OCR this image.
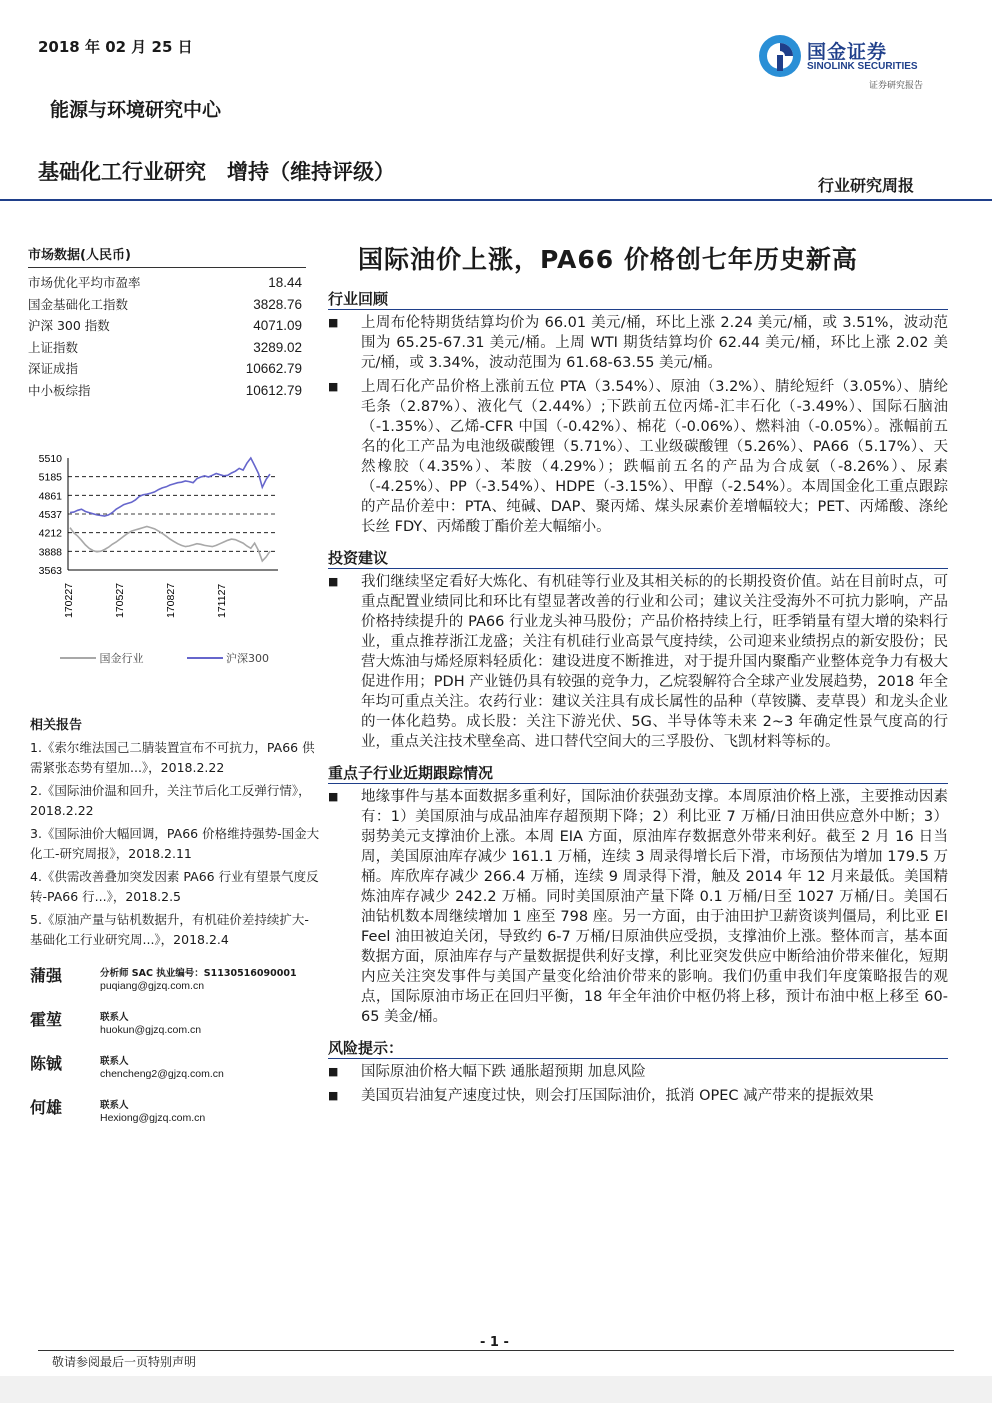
2018 年 02 月 25 日	国金证券
SINOLINK SECURITIES
证券研究报告
能源与环境研究中心
基础化工行业研究　增持（维持评级）
行业研究周报
市场数据(人民币)
市场优化平均市盈率	18.44
国金基础化工指数	3828.76
沪深 300 指数	4071.09
上证指数	3289.02
深证成指	10662.79
中小板综指	10612.79
5510
5185
4861
4537
4212
3888
3563
170227	170527	170827	171127
国金行业	沪深300
相关报告
1.《索尔维法国己二腈装置宣布不可抗力，PA66 供需紧张态势有望加...》，2018.2.22
2.《国际油价温和回升，关注节后化工反弹行情》，2018.2.22
3.《国际油价大幅回调，PA66 价格维持强势-国金大化工-研究周报》，2018.2.11
4.《供需改善叠加突发因素 PA66 行业有望景气度反转-PA66 行...》，2018.2.5
5.《原油产量与钻机数据升，有机硅价差持续扩大-基础化工行业研究周...》，2018.2.4
蒲强	分析师 SAC 执业编号：S1130516090001
puqiang@gjzq.com.cn
霍堃	联系人
huokun@gjzq.com.cn
陈铖	联系人
chencheng2@gjzq.com.cn
何雄	联系人
Hexiong@gjzq.com.cn
国际油价上涨，PA66 价格创七年历史新高
行业回顾
■ 上周布伦特期货结算均价为 66.01 美元/桶，环比上涨 2.24 美元/桶，或 3.51%，波动范围为 65.25-67.31 美元/桶。上周 WTI 期货结算均价 62.44 美元/桶，环比上涨 2.02 美元/桶，或 3.34%，波动范围为 61.68-63.55 美元/桶。
■ 上周石化产品价格上涨前五位 PTA（3.54%）、原油（3.2%）、腈纶短纤（3.05%）、腈纶毛条（2.87%）、液化气（2.44%）;下跌前五位丙烯-汇丰石化（-3.49%）、国际石脑油（-1.35%）、乙烯-CFR 中国（-0.42%）、棉花（-0.06%）、燃料油（-0.05%）。涨幅前五名的化工产品为电池级碳酸锂（5.71%）、工业级碳酸锂（5.26%）、PA66（5.17%）、天然橡胶（4.35%）、苯胺（4.29%）；跌幅前五名的产品为合成氨（-8.26%）、尿素（-4.25%）、PP（-3.54%）、HDPE（-3.15%）、甲醇（-2.54%）。本周国金化工重点跟踪的产品价差中：PTA、纯碱、DAP、聚丙烯、煤头尿素价差增幅较大；PET、丙烯酸、涤纶长丝 FDY、丙烯酸丁酯价差大幅缩小。
投资建议
■ 我们继续坚定看好大炼化、有机硅等行业及其相关标的的长期投资价值。站在目前时点，可重点配置业绩同比和环比有望显著改善的行业和公司；建议关注受海外不可抗力影响，产品价格持续提升的 PA66 行业龙头神马股份；产品价格持续上行，旺季销量有望大增的染料行业，重点推荐浙江龙盛；关注有机硅行业高景气度持续，公司迎来业绩拐点的新安股份；民营大炼油与烯烃原料轻质化：建设进度不断推进，对于提升国内聚酯产业整体竞争力有极大促进作用；PDH 产业链仍具有较强的竞争力，乙烷裂解符合全球产业发展趋势，2018 年全年均可重点关注。农药行业：建议关注具有成长属性的品种（草铵膦、麦草畏）和龙头企业的一体化趋势。成长股：关注下游光伏、5G、半导体等未来 2~3 年确定性景气度高的行业，重点关注技术壁垒高、进口替代空间大的三孚股份、飞凯材料等标的。
重点子行业近期跟踪情况
■ 地缘事件与基本面数据多重利好，国际油价获强劲支撑。本周原油价格上涨，主要推动因素有：1）美国原油与成品油库存超预期下降；2）利比亚 7 万桶/日油田供应意外中断；3）弱势美元支撑油价上涨。本周 EIA 方面，原油库存数据意外带来利好。截至 2 月 16 日当周，美国原油库存减少 161.1 万桶，连续 3 周录得增长后下滑，市场预估为增加 179.5 万桶。库欣库存减少 266.4 万桶，连续 9 周录得下滑，触及 2014 年 12 月来最低。美国精炼油库存减少 242.2 万桶。同时美国原油产量下降 0.1 万桶/日至 1027 万桶/日。美国石油钻机数本周继续增加 1 座至 798 座。另一方面，由于油田护卫薪资谈判僵局，利比亚 El Feel 油田被迫关闭，导致约 6-7 万桶/日原油供应受损，支撑油价上涨。整体而言，基本面数据方面，原油库存与产量数据提供利好支撑，利比亚突发供应中断给油价带来催化，短期内应关注突发事件与美国产量变化给油价带来的影响。我们仍重申我们年度策略报告的观点，国际原油市场正在回归平衡，18 年全年油价中枢仍将上移，预计布油中枢上移至 60-65 美金/桶。
风险提示：
■ 国际原油价格大幅下跌 通胀超预期 加息风险
■ 美国页岩油复产速度过快，则会打压国际油价，抵消 OPEC 减产带来的提振效果
- 1 -
敬请参阅最后一页特别声明
